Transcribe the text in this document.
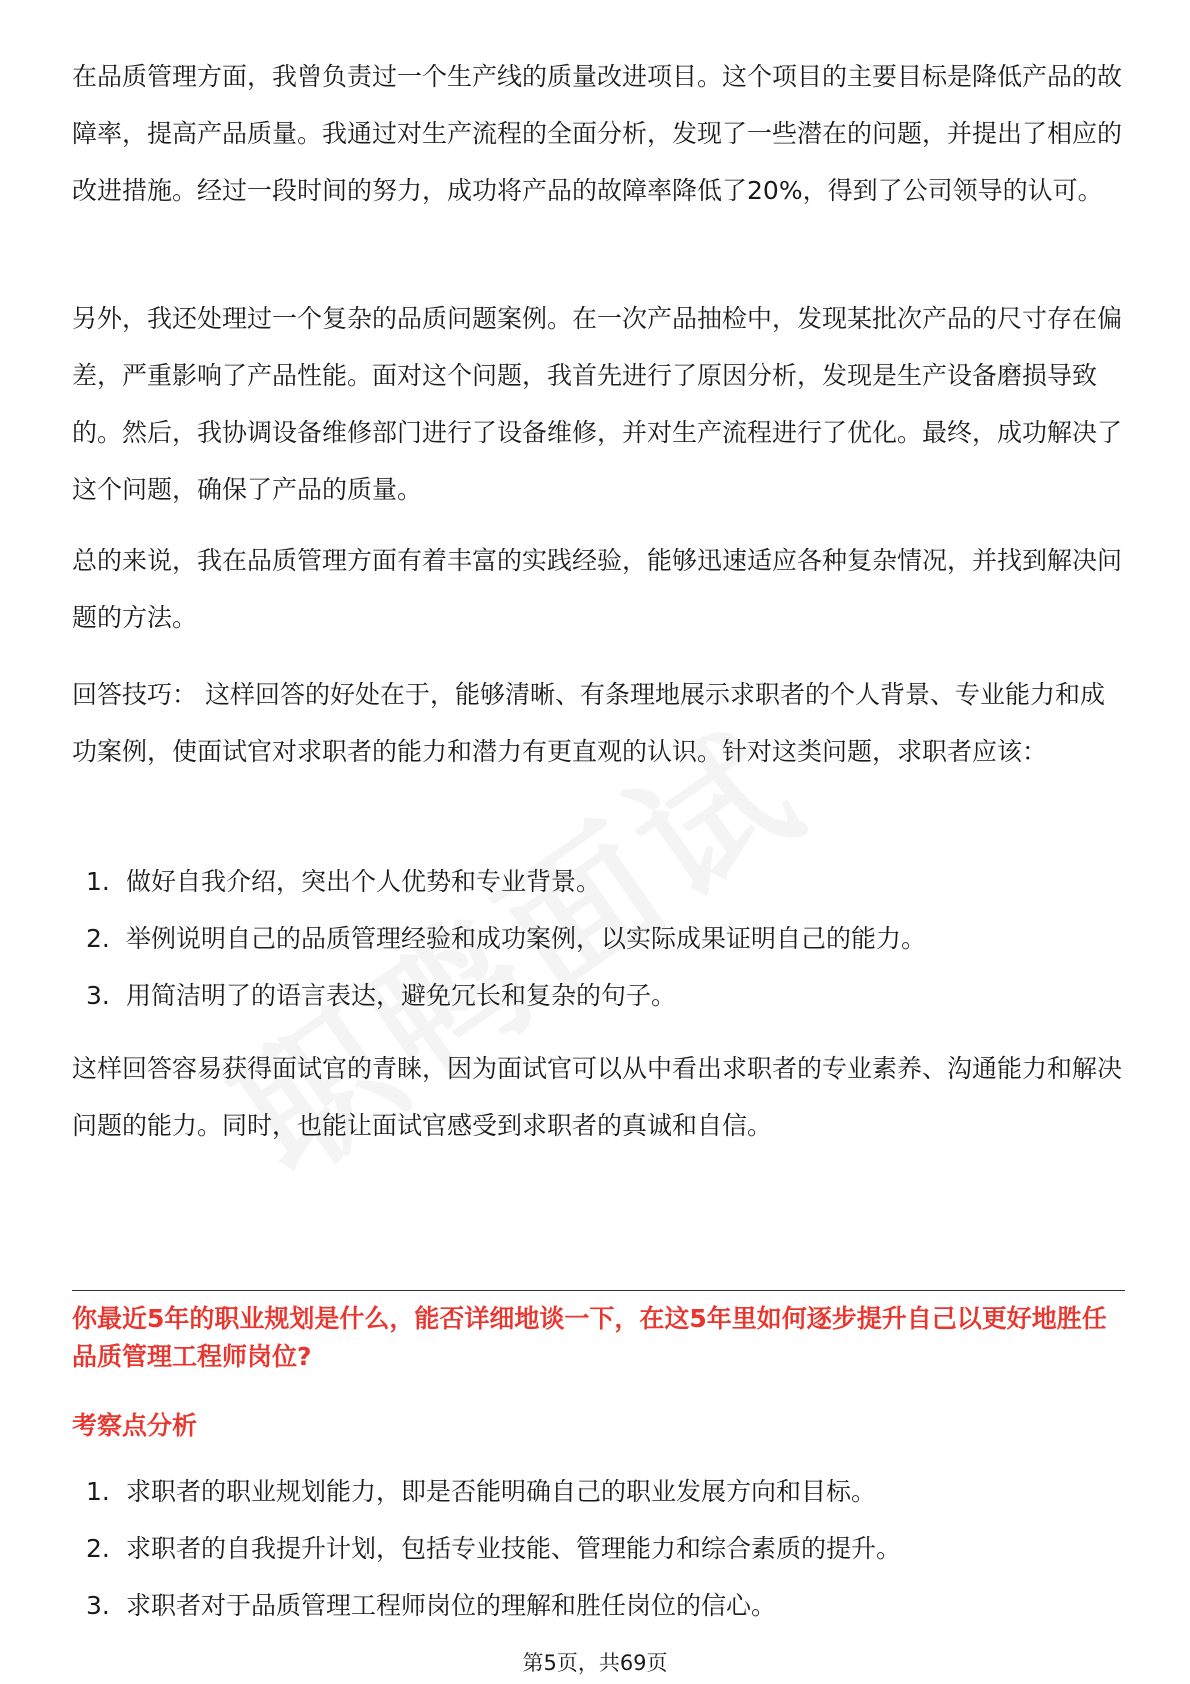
在品质管理方面，我曾负责过一个生产线的质量改进项目。这个项目的主要目标是降低产品的故障率，提高产品质量。我通过对生产流程的全面分析，发现了一些潜在的问题，并提出了相应的改进措施。经过一段时间的努力，成功将产品的故障率降低了20%，得到了公司领导的认可。

另外，我还处理过一个复杂的品质问题案例。在一次产品抽检中，发现某批次产品的尺寸存在偏差，严重影响了产品性能。面对这个问题，我首先进行了原因分析，发现是生产设备磨损导致的。然后，我协调设备维修部门进行了设备维修，并对生产流程进行了优化。最终，成功解决了这个问题，确保了产品的质量。

总的来说，我在品质管理方面有着丰富的实践经验，能够迅速适应各种复杂情况，并找到解决问题的方法。

回答技巧： 这样回答的好处在于，能够清晰、有条理地展示求职者的个人背景、专业能力和成功案例，使面试官对求职者的能力和潜力有更直观的认识。针对这类问题，求职者应该：

1. 做好自我介绍，突出个人优势和专业背景。
2. 举例说明自己的品质管理经验和成功案例，以实际成果证明自己的能力。
3. 用简洁明了的语言表达，避免冗长和复杂的句子。

这样回答容易获得面试官的青睐，因为面试官可以从中看出求职者的专业素养、沟通能力和解决问题的能力。同时，也能让面试官感受到求职者的真诚和自信。

你最近5年的职业规划是什么，能否详细地谈一下，在这5年里如何逐步提升自己以更好地胜任品质管理工程师岗位?

考察点分析

1. 求职者的职业规划能力，即是否能明确自己的职业发展方向和目标。
2. 求职者的自我提升计划，包括专业技能、管理能力和综合素质的提升。
3. 求职者对于品质管理工程师岗位的理解和胜任岗位的信心。
第5页，共69页
